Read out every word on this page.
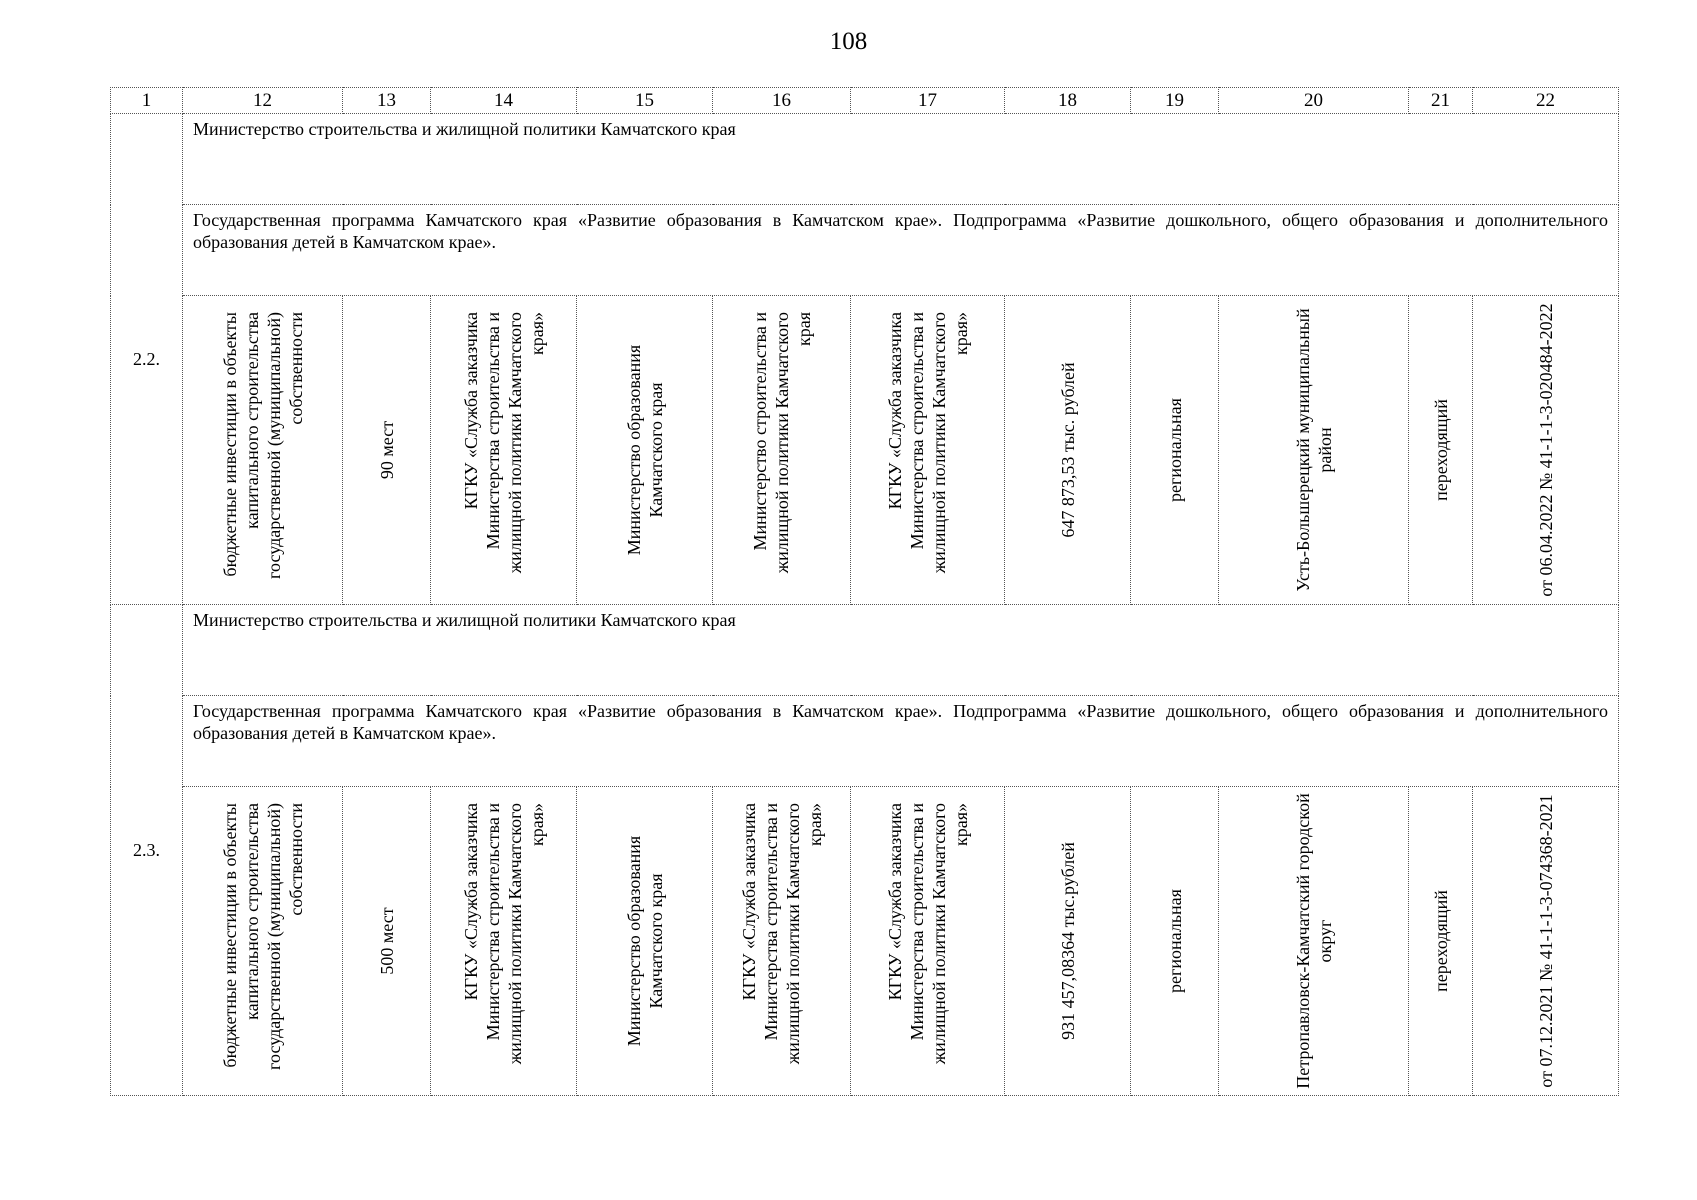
108
1	12	13	14	15	16	17	18	19	20	21	22
2.2.	Министерство строительства и жилищной политики Камчатского края										
	Государственная программа Камчатского края «Развитие образования в Камчатском крае». Подпрограмма «Развитие дошкольного, общего образования и дополнительного образования детей в Камчатском крае».										

	бюджетные инвестиции в объекты капитального строительства государственной (муниципальной) собственности	90 мест	КГКУ «Служба заказчика Министерства строительства и жилищной политики Камчатского края»	Министерство образования Камчатского края	Министерство строительства и жилищной политики Камчатского края	КГКУ «Служба заказчика Министерства строительства и жилищной политики Камчатского края»	647 873,53 тыс. рублей	региональная	Усть-Большерецкий муниципальный район	переходящий	от 06.04.2022 № 41-1-1-3-020484-2022

2.3.	Министерство строительства и жилищной политики Камчатского края										
	Государственная программа Камчатского края «Развитие образования в Камчатском крае». Подпрограмма «Развитие дошкольного, общего образования и дополнительного образования детей в Камчатском крае».										

	бюджетные инвестиции в объекты капитального строительства государственной (муниципальной) собственности	500 мест	КГКУ «Служба заказчика Министерства строительства и жилищной политики Камчатского края»	Министерство образования Камчатского края	КГКУ «Служба заказчика Министерства строительства и жилищной политики Камчатского края»	КГКУ «Служба заказчика Министерства строительства и жилищной политики Камчатского края»	931 457,08364 тыс.рублей	региональная	Петропавловск-Камчатский городской округ	переходящий	от 07.12.2021 № 41-1-1-3-074368-2021
